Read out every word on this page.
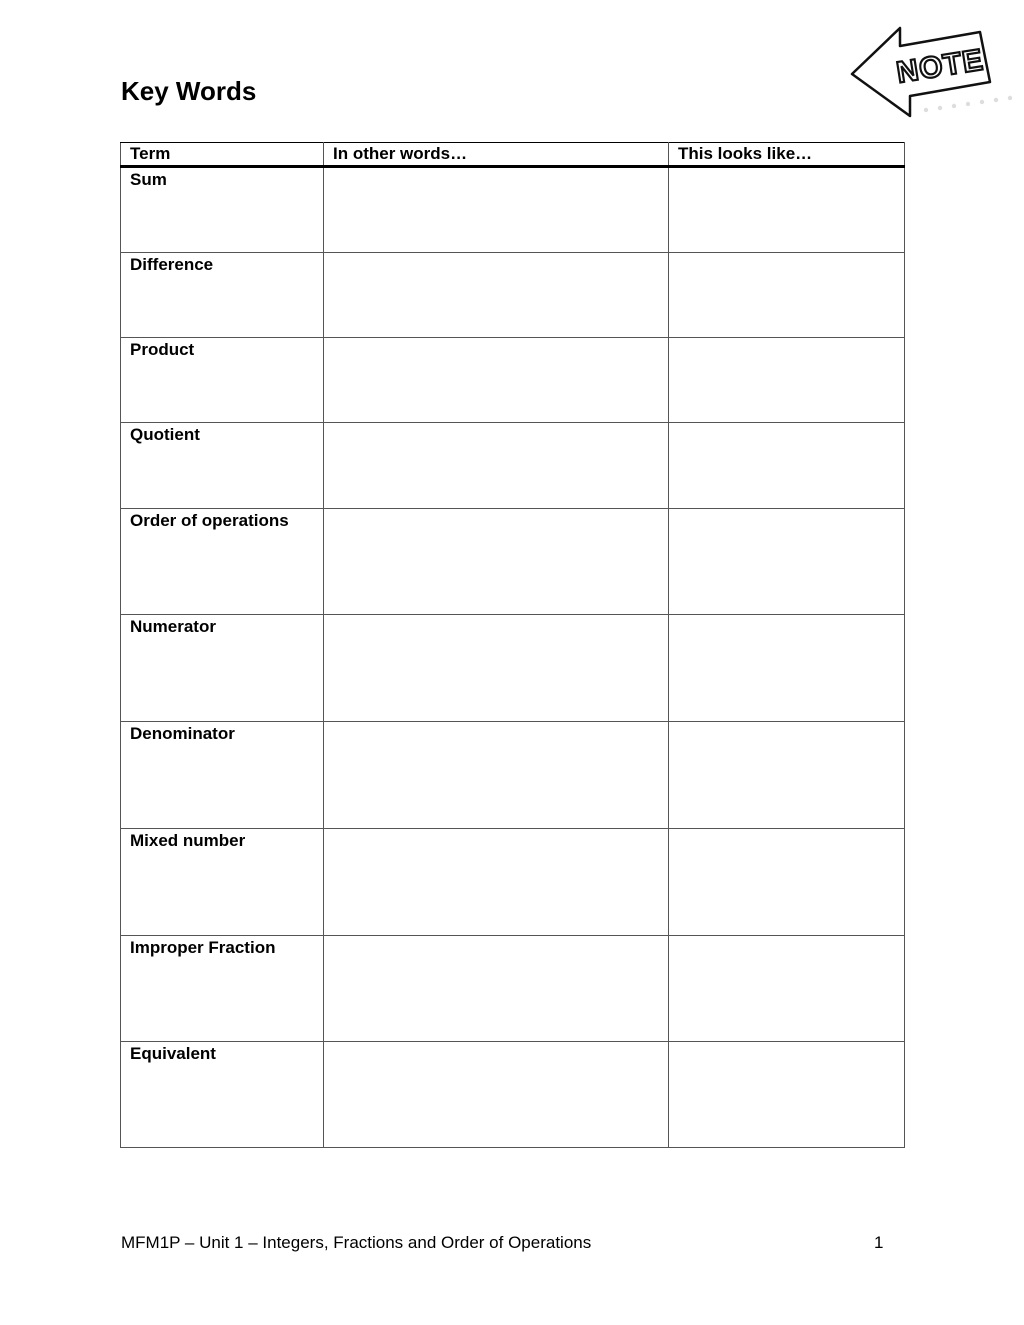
Key Words
NOTE
Term	In other words…	This looks like…
Sum		
Difference		
Product		
Quotient		
Order of operations		
Numerator		
Denominator		
Mixed number		
Improper Fraction		
Equivalent		
MFM1P – Unit 1 – Integers, Fractions and Order of Operations	1
